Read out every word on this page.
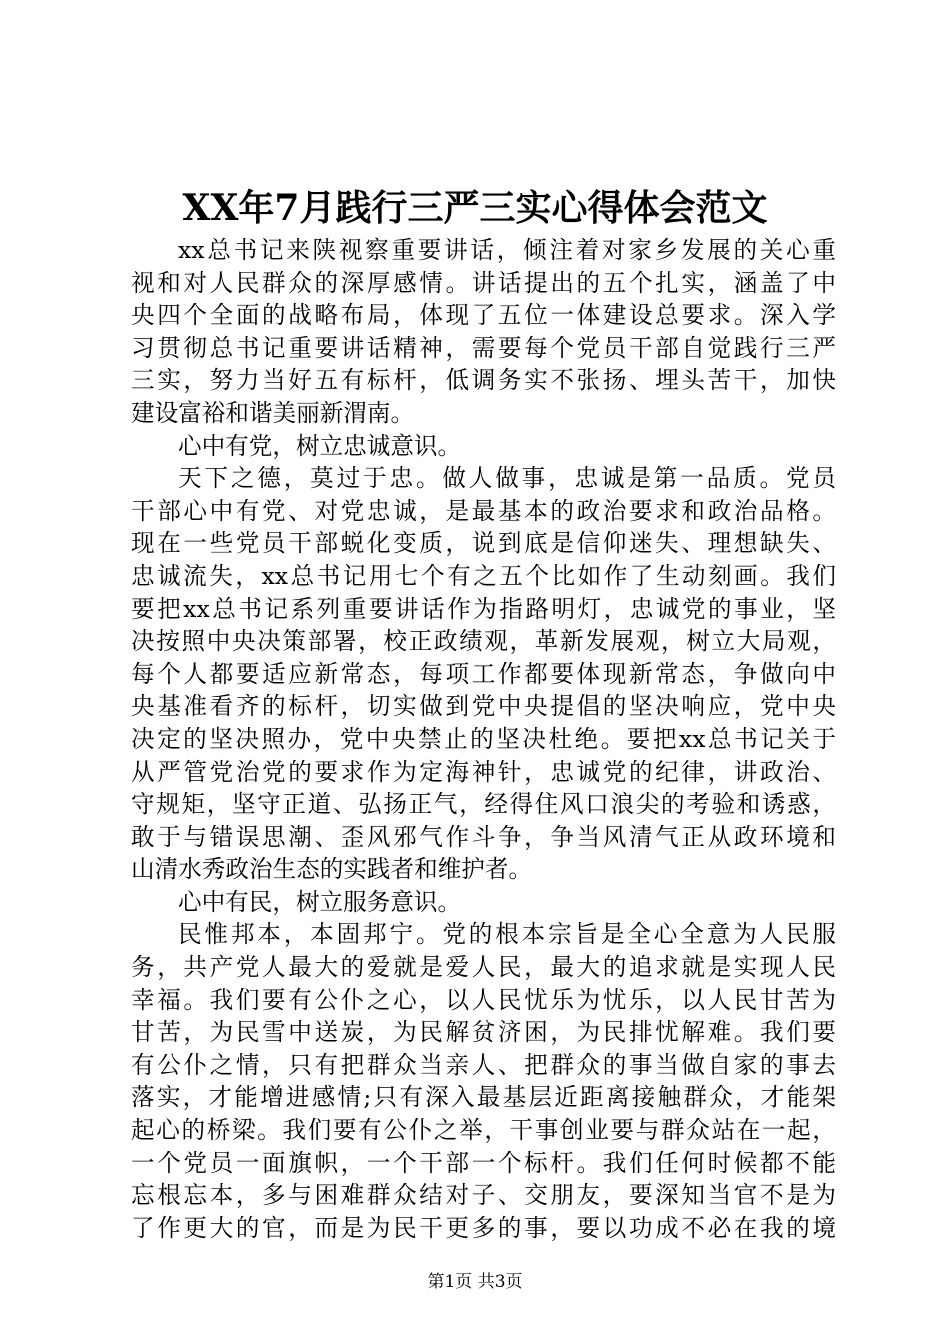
XX年7月践行三严三实心得体会范文
xx总书记来陕视察重要讲话，倾注着对家乡发展的关心重
视和对人民群众的深厚感情。讲话提出的五个扎实，涵盖了中
央四个全面的战略布局，体现了五位一体建设总要求。深入学
习贯彻总书记重要讲话精神，需要每个党员干部自觉践行三严
三实，努力当好五有标杆，低调务实不张扬、埋头苦干，加快
建设富裕和谐美丽新渭南。
心中有党，树立忠诚意识。
天下之德，莫过于忠。做人做事，忠诚是第一品质。党员
干部心中有党、对党忠诚，是最基本的政治要求和政治品格。
现在一些党员干部蜕化变质，说到底是信仰迷失、理想缺失、
忠诚流失，xx总书记用七个有之五个比如作了生动刻画。我们
要把xx总书记系列重要讲话作为指路明灯，忠诚党的事业，坚
决按照中央决策部署，校正政绩观，革新发展观，树立大局观，
每个人都要适应新常态，每项工作都要体现新常态，争做向中
央基准看齐的标杆，切实做到党中央提倡的坚决响应，党中央
决定的坚决照办，党中央禁止的坚决杜绝。要把xx总书记关于
从严管党治党的要求作为定海神针，忠诚党的纪律，讲政治、
守规矩，坚守正道、弘扬正气，经得住风口浪尖的考验和诱惑，
敢于与错误思潮、歪风邪气作斗争，争当风清气正从政环境和
山清水秀政治生态的实践者和维护者。
心中有民，树立服务意识。
民惟邦本，本固邦宁。党的根本宗旨是全心全意为人民服
务，共产党人最大的爱就是爱人民，最大的追求就是实现人民
幸福。我们要有公仆之心，以人民忧乐为忧乐，以人民甘苦为
甘苦，为民雪中送炭，为民解贫济困，为民排忧解难。我们要
有公仆之情，只有把群众当亲人、把群众的事当做自家的事去
落实，才能增进感情;只有深入最基层近距离接触群众，才能架
起心的桥梁。我们要有公仆之举，干事创业要与群众站在一起，
一个党员一面旗帜，一个干部一个标杆。我们任何时候都不能
忘根忘本，多与困难群众结对子、交朋友，要深知当官不是为
了作更大的官，而是为民干更多的事，要以功成不必在我的境
第1页 共3页
